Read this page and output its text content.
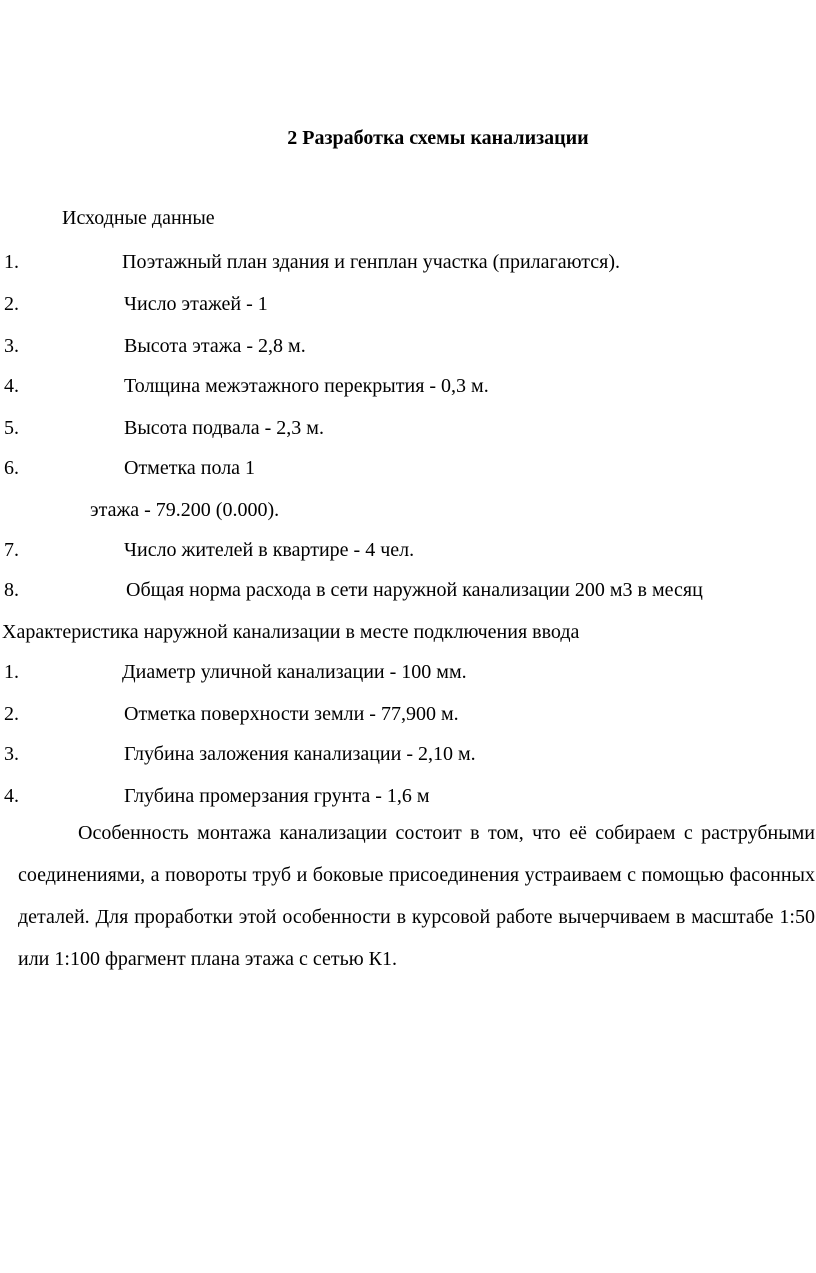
2 Разработка схемы канализации
Исходные данные
1.	Поэтажный план здания и генплан участка (прилагаются).
2.	Число этажей - 1
3.	Высота этажа - 2,8 м.
4.	Толщина межэтажного перекрытия - 0,3 м.
5.	Высота подвала - 2,3 м.
6.	Отметка пола 1
этажа - 79.200 (0.000).
7.	Число жителей в квартире - 4 чел.
8.	Общая норма расхода в сети наружной канализации 200 м3 в месяц
Характеристика наружной канализации в месте подключения ввода
1.	Диаметр уличной канализации - 100 мм.
2.	Отметка поверхности земли - 77,900 м.
3.	Глубина заложения канализации - 2,10 м.
4.	Глубина промерзания грунта - 1,6 м
Особенность монтажа канализации состоит в том, что её собираем с раструбными соединениями, а повороты труб и боковые присоединения устраиваем с помощью фасонных деталей. Для проработки этой особенности в курсовой работе вычерчиваем в масштабе 1:50 или 1:100 фрагмент плана этажа с сетью К1.
